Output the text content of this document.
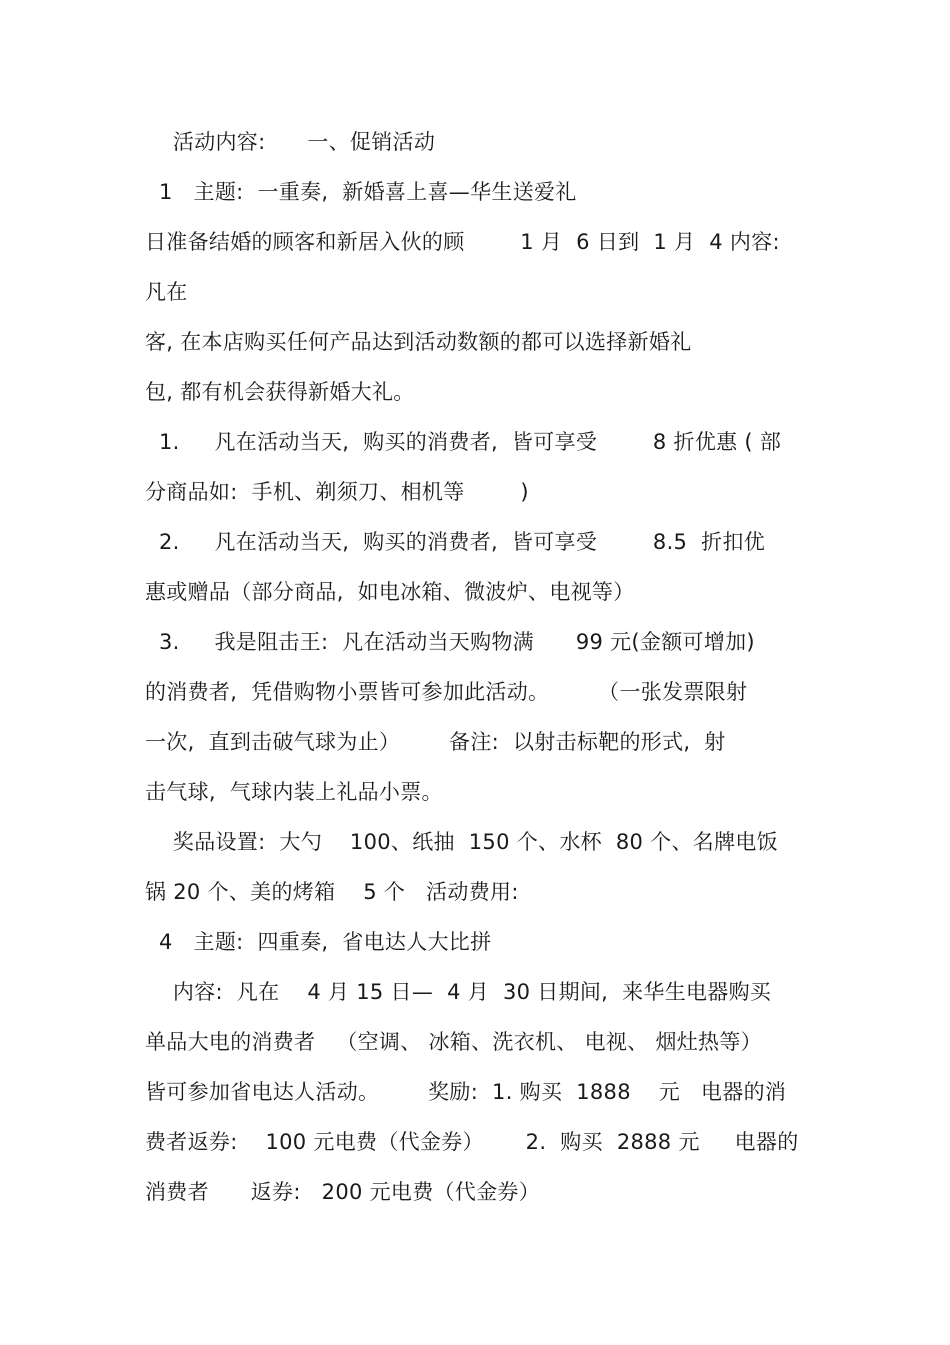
活动内容:      一、促销活动
1   主题:  一重奏,  新婚喜上喜—华生送爱礼
日准备结婚的顾客和新居入伙的顾        1 月  6 日到  1 月  4 内容:
凡在
客, 在本店购买任何产品达到活动数额的都可以选择新婚礼
包, 都有机会获得新婚大礼。
1.     凡在活动当天,  购买的消费者,  皆可享受        8 折优惠 ( 部
分商品如:  手机、剃须刀、相机等        )
2.     凡在活动当天,  购买的消费者,  皆可享受        8.5  折扣优
惠或赠品（部分商品,  如电冰箱、微波炉、电视等）
3.     我是阻击王:  凡在活动当天购物满      99 元(金额可增加)
的消费者,  凭借购物小票皆可参加此活动。       （一张发票限射
一次,  直到击破气球为止）       备注:  以射击标靶的形式,  射
击气球,  气球内装上礼品小票。
奖品设置:  大勺    100、纸抽  150 个、水杯  80 个、名牌电饭
锅 20 个、美的烤箱    5 个   活动费用:
4   主题:  四重奏,  省电达人大比拼
内容:  凡在    4 月 15 日—  4 月  30 日期间,  来华生电器购买
单品大电的消费者   （空调、 冰箱、洗衣机、 电视、 烟灶热等）
皆可参加省电达人活动。       奖励:  1. 购买  1888    元   电器的消
费者返券:    100 元电费（代金券）      2.  购买  2888 元     电器的
消费者      返券:   200 元电费（代金券）
